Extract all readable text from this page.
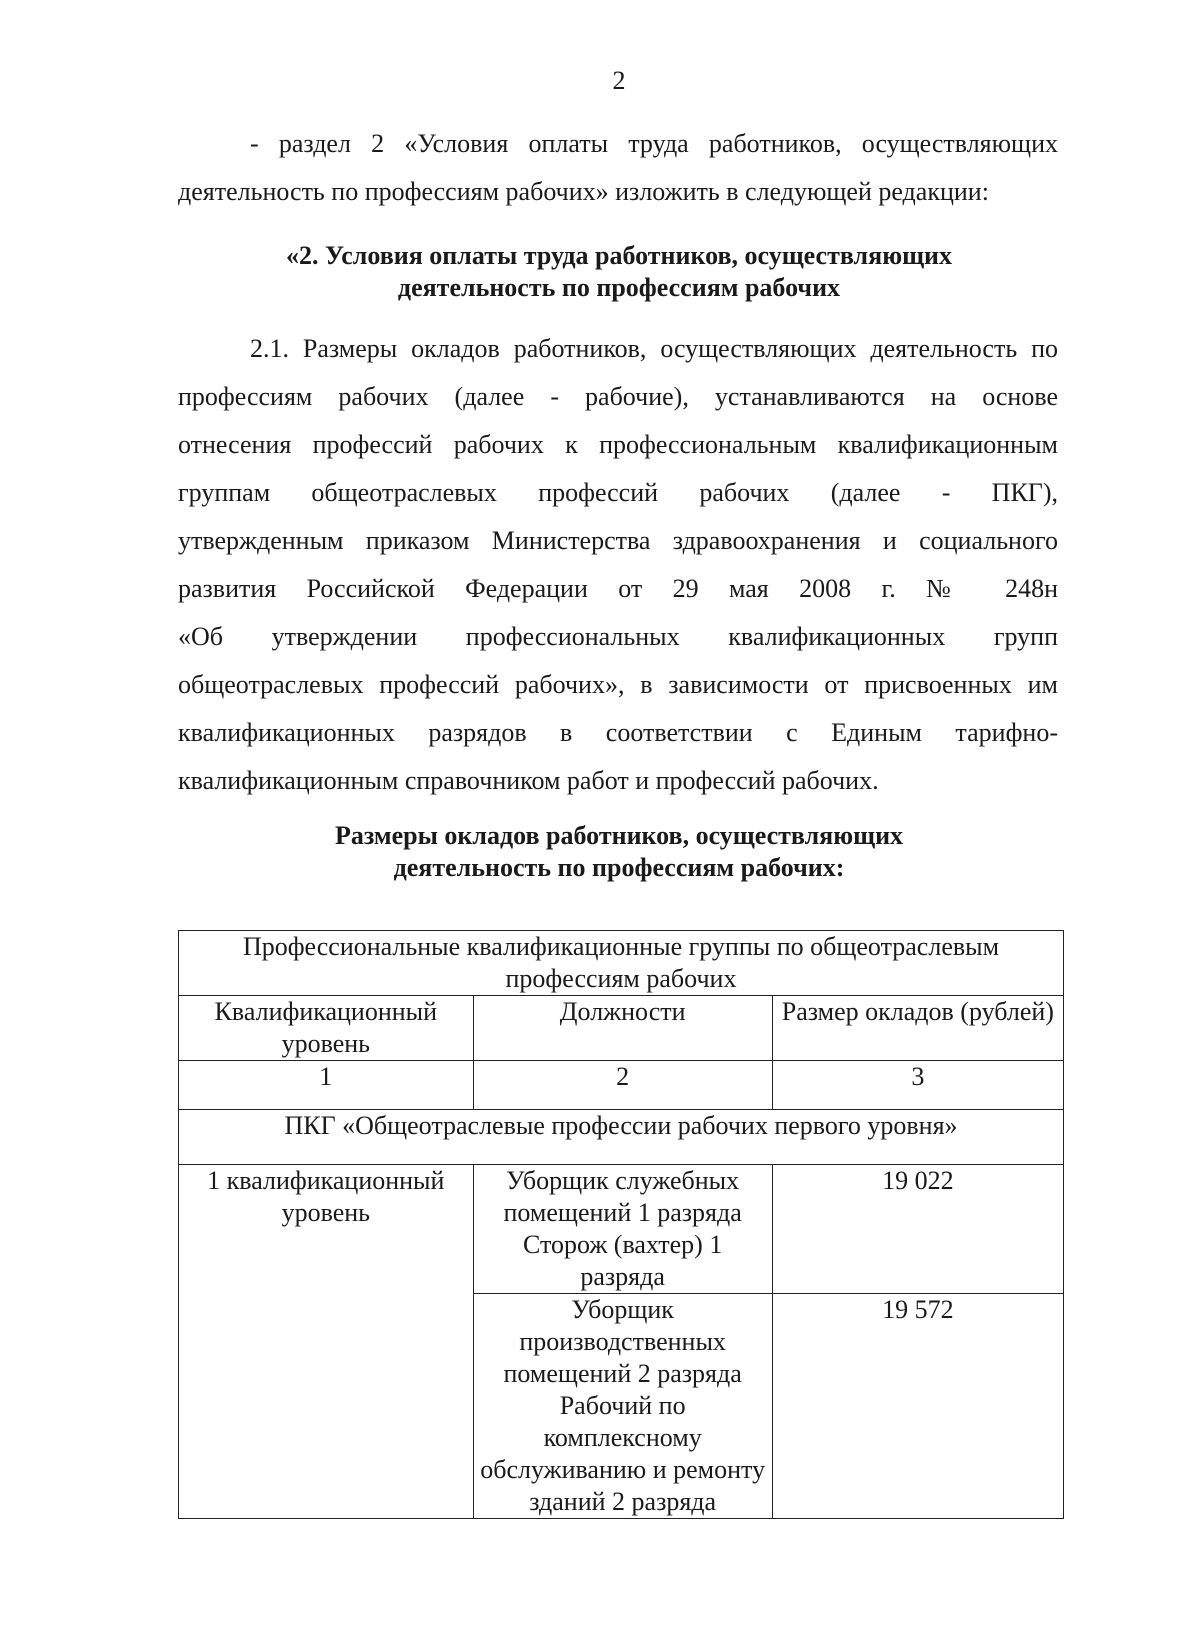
2
- раздел 2 «Условия оплаты труда работников, осуществляющих
деятельность по профессиям рабочих» изложить в следующей редакции:
«2. Условия оплаты труда работников, осуществляющих
деятельность по профессиям рабочих
2.1. Размеры окладов работников, осуществляющих деятельность по
профессиям рабочих (далее - рабочие), устанавливаются на основе
отнесения профессий рабочих к профессиональным квалификационным
группам общеотраслевых профессий рабочих (далее - ПКГ),
утвержденным приказом Министерства здравоохранения и социального
развития Российской Федерации от 29 мая 2008 г. № 248н
«Об утверждении профессиональных квалификационных групп
общеотраслевых профессий рабочих», в зависимости от присвоенных им
квалификационных разрядов в соответствии с Единым тарифно-
квалификационным справочником работ и профессий рабочих.
Размеры окладов работников, осуществляющих
деятельность по профессиям рабочих:
Профессиональные квалификационные группы по общеотраслевым профессиям рабочих		
Квалификационный уровень	Должности	Размер окладов (рублей)
1	2	3
ПКГ «Общеотраслевые профессии рабочих первого уровня»		
1 квалификационный уровень	Уборщик служебных помещений 1 разряда Сторож (вахтер) 1 разряда	19 022
	Уборщик производственных помещений 2 разряда Рабочий по комплексному обслуживанию и ремонту зданий 2 разряда	19 572
